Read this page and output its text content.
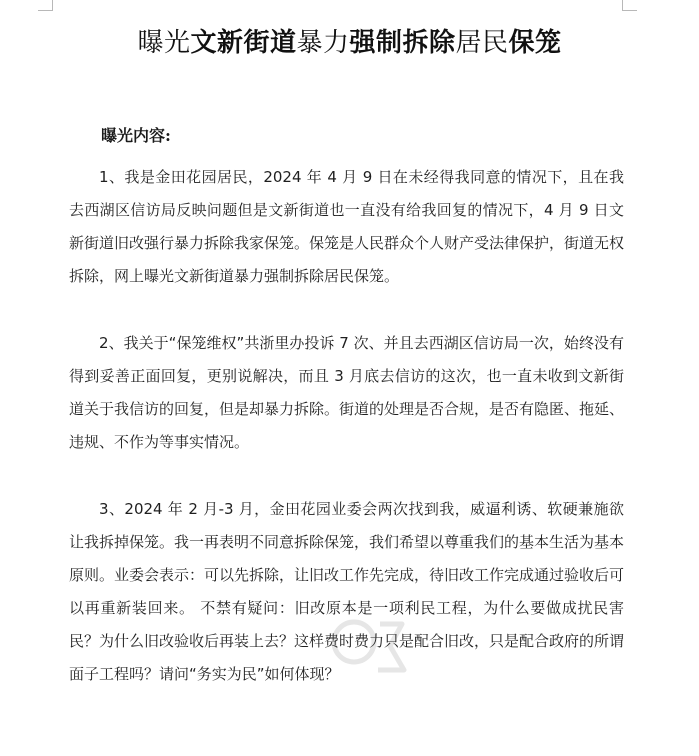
曝光文新街道暴力强制拆除居民保笼
曝光内容:

1、我是金田花园居民，2024 年 4 月 9 日在未经得我同意的情况下，且在我去西湖区信访局反映问题但是文新街道也一直没有给我回复的情况下，4 月 9 日文新街道旧改强行暴力拆除我家保笼。保笼是人民群众个人财产受法律保护，街道无权拆除，网上曝光文新街道暴力强制拆除居民保笼。

2、我关于“保笼维权”共浙里办投诉 7 次、并且去西湖区信访局一次，始终没有得到妥善正面回复，更别说解决，而且 3 月底去信访的这次，也一直未收到文新街道关于我信访的回复，但是却暴力拆除。街道的处理是否合规，是否有隐匿、拖延、违规、不作为等事实情况。

3、2024 年 2 月-3 月，金田花园业委会两次找到我，威逼利诱、软硬兼施欲让我拆掉保笼。我一再表明不同意拆除保笼，我们希望以尊重我们的基本生活为基本原则。业委会表示：可以先拆除，让旧改工作先完成，待旧改工作完成通过验收后可以再重新装回来。 不禁有疑问：旧改原本是一项利民工程，为什么要做成扰民害民？为什么旧改验收后再装上去？这样费时费力只是配合旧改，只是配合政府的所谓面子工程吗？请问“务实为民”如何体现？
